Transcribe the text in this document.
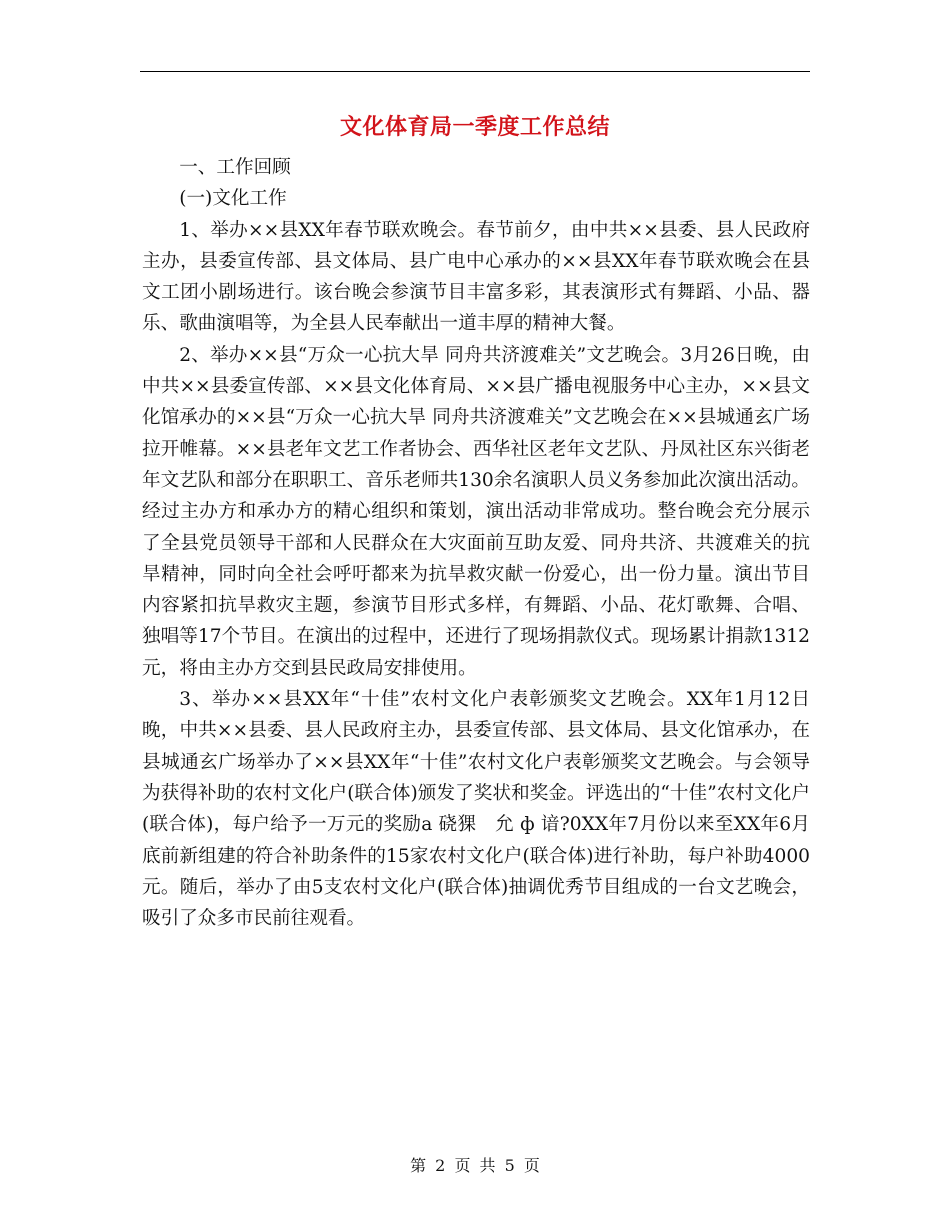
文化体育局一季度工作总结

一、工作回顾

(一)文化工作

1、举办××县XX年春节联欢晚会。春节前夕，由中共××县委、县人民政府主办，县委宣传部、县文体局、县广电中心承办的××县XX年春节联欢晚会在县文工团小剧场进行。该台晚会参演节目丰富多彩，其表演形式有舞蹈、小品、器乐、歌曲演唱等，为全县人民奉献出一道丰厚的精神大餐。

2、举办××县“万众一心抗大旱 同舟共济渡难关”文艺晚会。3月26日晚，由中共××县委宣传部、××县文化体育局、××县广播电视服务中心主办，××县文化馆承办的××县“万众一心抗大旱 同舟共济渡难关”文艺晚会在××县城通玄广场拉开帷幕。××县老年文艺工作者协会、西华社区老年文艺队、丹凤社区东兴街老年文艺队和部分在职职工、音乐老师共130余名演职人员义务参加此次演出活动。经过主办方和承办方的精心组织和策划，演出活动非常成功。整台晚会充分展示了全县党员领导干部和人民群众在大灾面前互助友爱、同舟共济、共渡难关的抗旱精神，同时向全社会呼吁都来为抗旱救灾献一份爱心，出一份力量。演出节目内容紧扣抗旱救灾主题，参演节目形式多样，有舞蹈、小品、花灯歌舞、合唱、独唱等17个节目。在演出的过程中，还进行了现场捐款仪式。现场累计捐款1312元，将由主办方交到县民政局安排使用。

3、举办××县XX年“十佳”农村文化户表彰颁奖文艺晚会。XX年1月12日晚，中共××县委、县人民政府主办，县委宣传部、县文体局、县文化馆承办，在县城通玄广场举办了××县XX年“十佳”农村文化户表彰颁奖文艺晚会。与会领导为获得补助的农村文化户(联合体)颁发了奖状和奖金。评选出的“十佳”农村文化户(联合体)，每户给予一万元的奖励a 硗猓　允 ф 谙?0XX年7月份以来至XX年6月底前新组建的符合补助条件的15家农村文化户(联合体)进行补助，每户补助4000元。随后，举办了由5支农村文化户(联合体)抽调优秀节目组成的一台文艺晚会，吸引了众多市民前往观看。

第 2 页 共 5 页
